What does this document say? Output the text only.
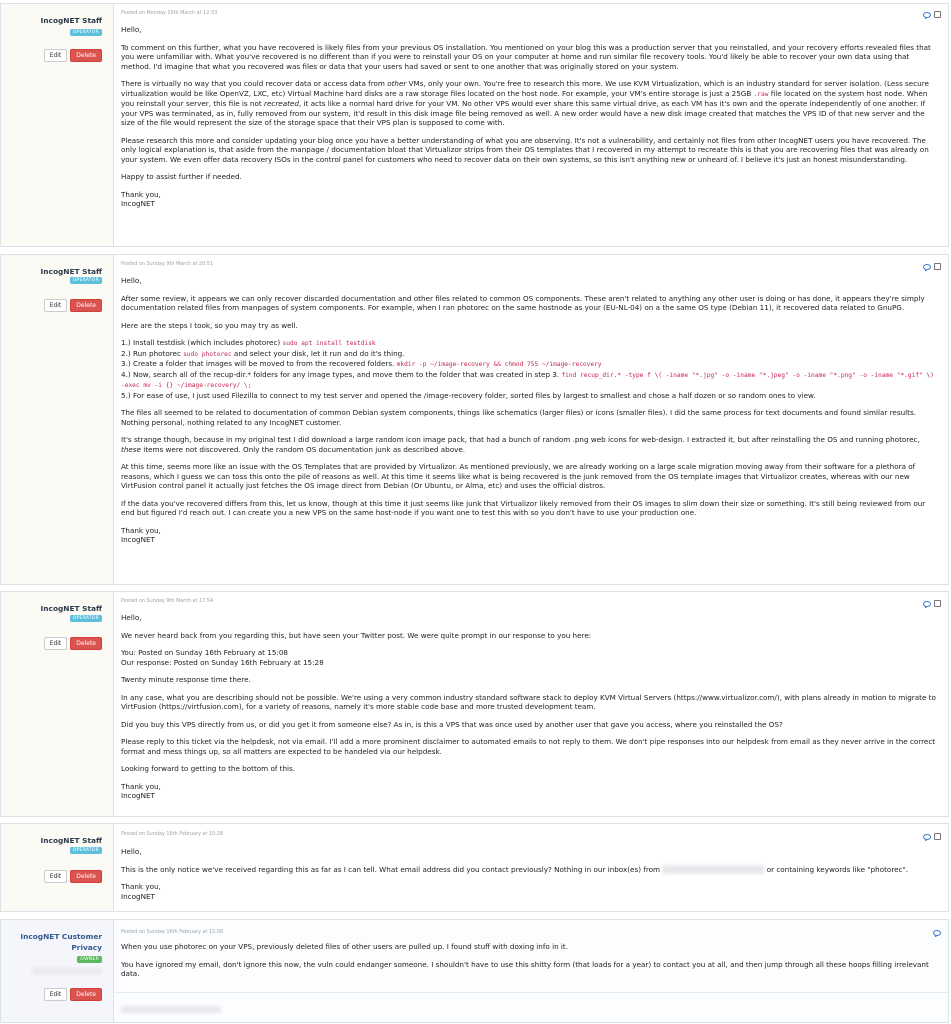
IncogNET Staff
OPERATOR
Edit	Delete
Posted on Monday 10th March at 12:33

Hello,

To comment on this further, what you have recovered is likely files from your previous OS installation. You mentioned on your blog this was a production server that you reinstalled, and your recovery efforts revealed files that you were unfamiliar with. What you've recovered is no different than if you were to reinstall your OS on your computer at home and run similar file recovery tools. You'd likely be able to recover your own data using that method. I'd imagine that what you recovered was files or data that your users had saved or sent to one another that was originally stored on your system.

There is virtually no way that you could recover data or access data from other VMs, only your own. You're free to research this more. We use KVM Virtualization, which is an industry standard for server isolation. (Less secure virtualization would be like OpenVZ, LXC, etc) Virtual Machine hard disks are a raw storage files located on the host node. For example, your VM's entire storage is just a 25GB .raw file located on the system host node. When you reinstall your server, this file is not recreated, it acts like a normal hard drive for your VM. No other VPS would ever share this same virtual drive, as each VM has it's own and the operate independently of one another. If your VPS was terminated, as in, fully removed from our system, it'd result in this disk image file being removed as well. A new order would have a new disk image created that matches the VPS ID of that new server and the size of the file would represent the size of the storage space that their VPS plan is supposed to come with.

Please research this more and consider updating your blog once you have a better understanding of what you are observing. It's not a vulnerability, and certainly not files from other IncogNET users you have recovered. The only logical explanation is, that aside from the manpage / documentation bloat that Virtualizor strips from their OS templates that I recovered in my attempt to recreate this is that you are recovering files that was already on your system. We even offer data recovery ISOs in the control panel for customers who need to recover data on their own systems, so this isn't anything new or unheard of. I believe it's just an honest misunderstanding.

Happy to assist further if needed.

Thank you,
IncogNET

IncogNET Staff
OPERATOR
Edit	Delete
Posted on Sunday 9th March at 20:51

Hello,

After some review, it appears we can only recover discarded documentation and other files related to common OS components. These aren't related to anything any other user is doing or has done, it appears they're simply documentation related files from manpages of system components. For example, when I ran photorec on the same hostnode as your (EU-NL-04) on a the same OS type (Debian 11), it recovered data related to GnuPG.

Here are the steps I took, so you may try as well.

1.) Install testdisk (which includes photorec) sudo apt install testdisk
2.) Run photorec sudo photorec and select your disk, let it run and do it's thing.
3.) Create a folder that images will be moved to from the recovered folders. mkdir -p ~/image-recovery && chmod 755 ~/image-recovery
4.) Now, search all of the recup-dir.* folders for any image types, and move them to the folder that was created in step 3. find recup_dir.* -type f \( -iname "*.jpg" -o -iname "*.jpeg" -o -iname "*.png" -o -iname "*.gif" \) -exec mv -i {} ~/image-recovery/ \;
5.) For ease of use, I just used Filezilla to connect to my test server and opened the /image-recovery folder, sorted files by largest to smallest and chose a half dozen or so random ones to view.

The files all seemed to be related to documentation of common Debian system components, things like schematics (larger files) or icons (smaller files). I did the same process for text documents and found similar results. Nothing personal, nothing related to any IncogNET customer.

It's strange though, because in my original test I did download a large random icon image pack, that had a bunch of random .png web icons for web-design. I extracted it, but after reinstalling the OS and running photorec, these items were not discovered. Only the random OS documentation junk as described above.

At this time, seems more like an issue with the OS Templates that are provided by Virtualizor. As mentioned previously, we are already working on a large scale migration moving away from their software for a plethora of reasons, which I guess we can toss this onto the pile of reasons as well. At this time it seems like what is being recovered is the junk removed from the OS template images that Virtualizor creates, whereas with our new VirtFusion control panel it actually just fetches the OS image direct from Debian (Or Ubuntu, or Alma, etc) and uses the official distros.

If the data you've recovered differs from this, let us know, though at this time it just seems like junk that Virtualizor likely removed from their OS images to slim down their size or something. It's still being reviewed from our end but figured I'd reach out. I can create you a new VPS on the same host-node if you want one to test this with so you don't have to use your production one.

Thank you,
IncogNET

IncogNET Staff
OPERATOR
Edit	Delete
Posted on Sunday 9th March at 17:54

Hello,

We never heard back from you regarding this, but have seen your Twitter post. We were quite prompt in our response to you here:

You: Posted on Sunday 16th February at 15:08
Our response: Posted on Sunday 16th February at 15:28

Twenty minute response time there.

In any case, what you are describing should not be possible. We're using a very common industry standard software stack to deploy KVM Virtual Servers (https://www.virtualizor.com/), with plans already in motion to migrate to VirtFusion (https://virtfusion.com), for a variety of reasons, namely it's more stable code base and more trusted development team.

Did you buy this VPS directly from us, or did you get it from someone else? As in, is this a VPS that was once used by another user that gave you access, where you reinstalled the OS?

Please reply to this ticket via the helpdesk, not via email. I'll add a more prominent disclaimer to automated emails to not reply to them. We don't pipe responses into our helpdesk from email as they never arrive in the correct format and mess things up, so all matters are expected to be handeled via our helpdesk.

Looking forward to getting to the bottom of this.

Thank you,
IncogNET

IncogNET Staff
OPERATOR
Edit	Delete
Posted on Sunday 16th February at 15:28

Hello,

This is the only notice we've received regarding this as far as I can tell. What email address did you contact previously? Nothing in our inbox(es) from	or containing keywords like "photorec".

Thank you,
IncogNET

IncogNET Customer Privacy
OWNER
Edit	Delete
Posted on Sunday 16th February at 15:08

When you use photorec on your VPS, previously deleted files of other users are pulled up. I found stuff with doxing info in it.

You have ignored my email, don't ignore this now, the vuln could endanger someone. I shouldn't have to use this shitty form (that loads for a year) to contact you at all, and then jump through all these hoops filling irrelevant data.
